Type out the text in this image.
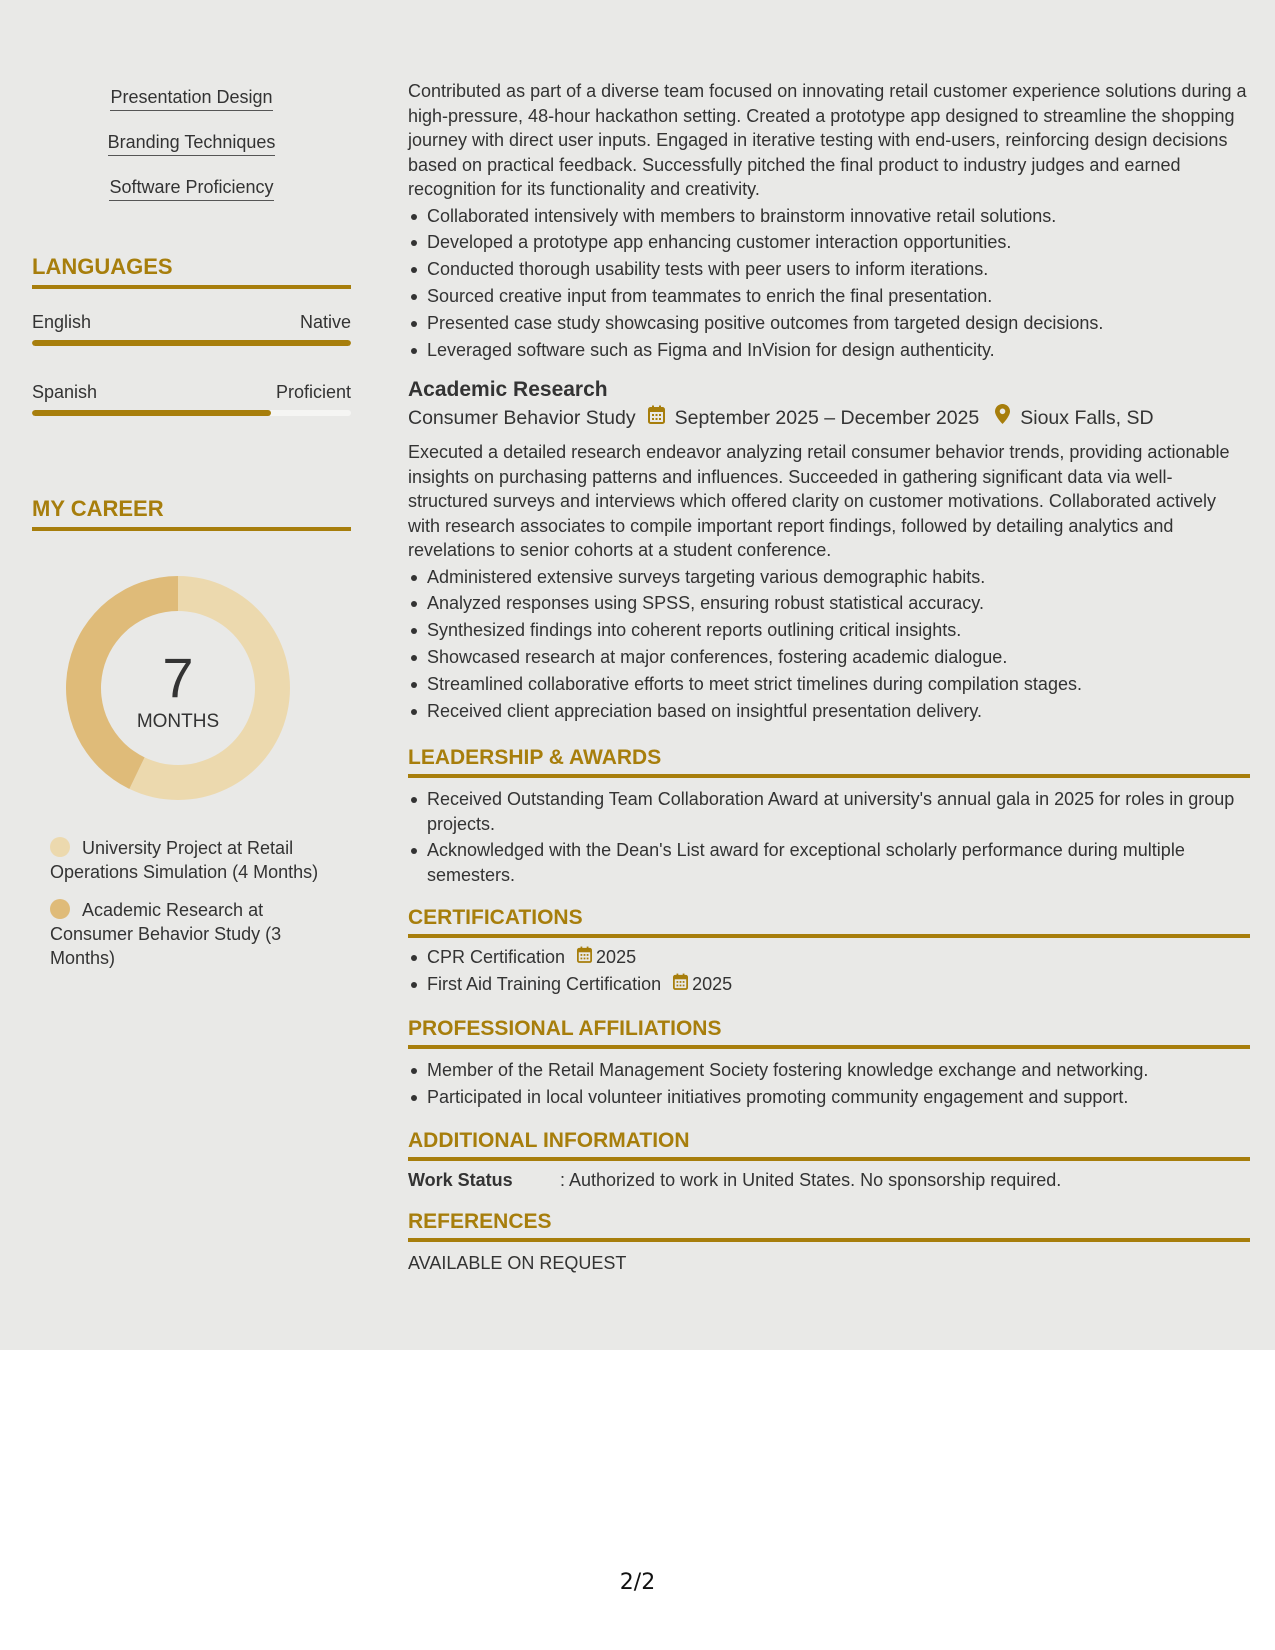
Presentation Design
Branding Techniques
Software Proficiency
LANGUAGES
English	Native
Spanish	Proficient
MY CAREER
7
MONTHS
University Project at Retail Operations Simulation (4 Months)
Academic Research at Consumer Behavior Study (3 Months)

Contributed as part of a diverse team focused on innovating retail customer experience solutions during a high-pressure, 48-hour hackathon setting. Created a prototype app designed to streamline the shopping journey with direct user inputs. Engaged in iterative testing with end-users, reinforcing design decisions based on practical feedback. Successfully pitched the final product to industry judges and earned recognition for its functionality and creativity.

Collaborated intensively with members to brainstorm innovative retail solutions.
Developed a prototype app enhancing customer interaction opportunities.
Conducted thorough usability tests with peer users to inform iterations.
Sourced creative input from teammates to enrich the final presentation.
Presented case study showcasing positive outcomes from targeted design decisions.
Leveraged software such as Figma and InVision for design authenticity.
Academic Research
Consumer Behavior Study September 2025 – December 2025 Sioux Falls, SD

Executed a detailed research endeavor analyzing retail consumer behavior trends, providing actionable insights on purchasing patterns and influences. Succeeded in gathering significant data via well-structured surveys and interviews which offered clarity on customer motivations. Collaborated actively with research associates to compile important report findings, followed by detailing analytics and revelations to senior cohorts at a student conference.

Administered extensive surveys targeting various demographic habits.
Analyzed responses using SPSS, ensuring robust statistical accuracy.
Synthesized findings into coherent reports outlining critical insights.
Showcased research at major conferences, fostering academic dialogue.
Streamlined collaborative efforts to meet strict timelines during compilation stages.
Received client appreciation based on insightful presentation delivery.
LEADERSHIP & AWARDS
Received Outstanding Team Collaboration Award at university's annual gala in 2025 for roles in group projects.
Acknowledged with the Dean's List award for exceptional scholarly performance during multiple semesters.
CERTIFICATIONS
CPR Certification 2025
First Aid Training Certification 2025
PROFESSIONAL AFFILIATIONS
Member of the Retail Management Society fostering knowledge exchange and networking.
Participated in local volunteer initiatives promoting community engagement and support.
ADDITIONAL INFORMATION
Work Status	: Authorized to work in United States. No sponsorship required.
REFERENCES
AVAILABLE ON REQUEST
2/2
